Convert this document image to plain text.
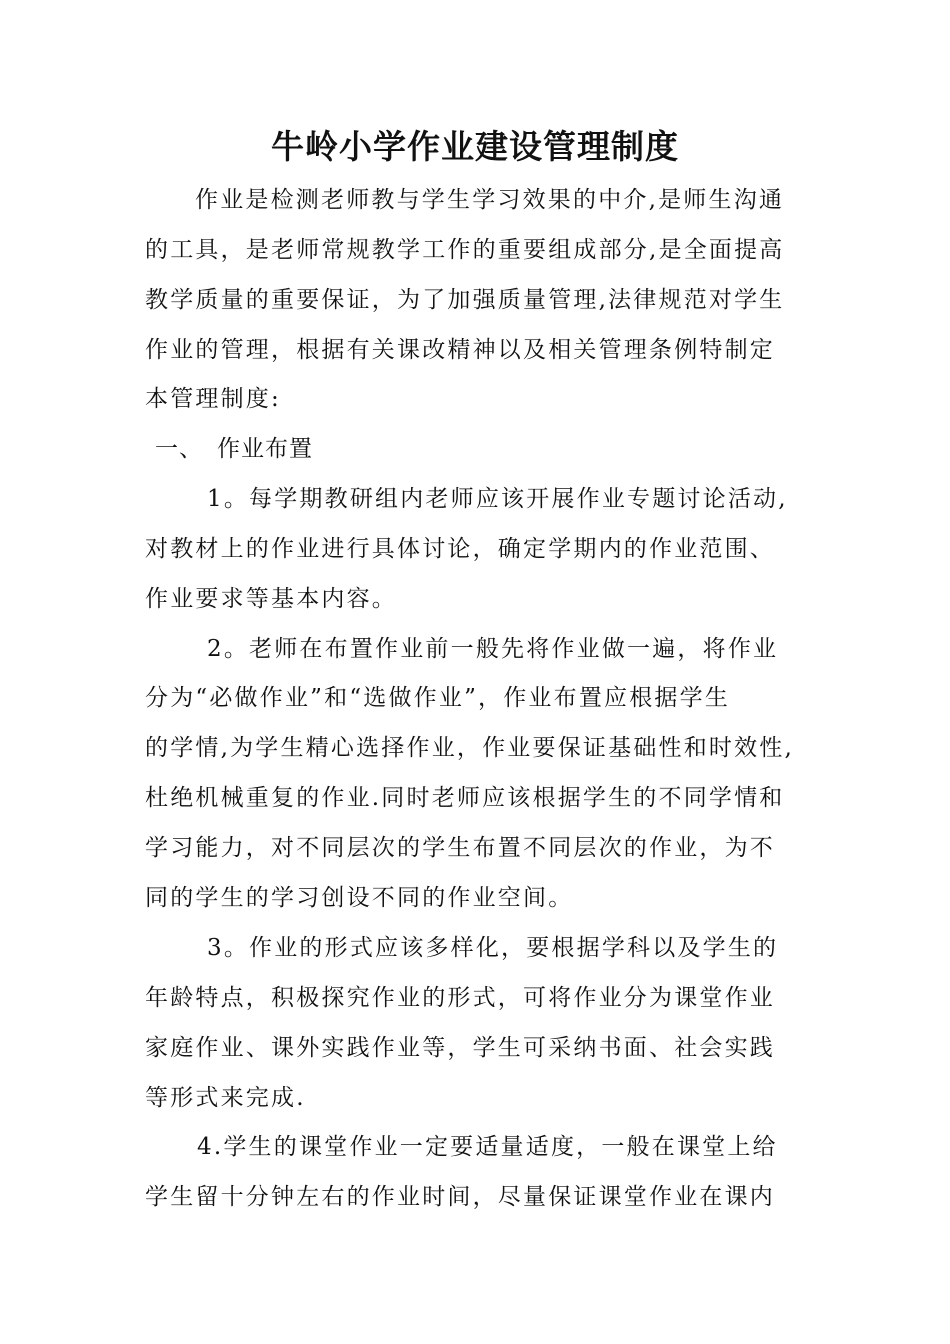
牛岭小学作业建设管理制度
作业是检测老师教与学生学习效果的中介,是师生沟通
的工具，是老师常规教学工作的重要组成部分,是全面提高
教学质量的重要保证，为了加强质量管理,法律规范对学生
作业的管理，根据有关课改精神以及相关管理条例特制定
本管理制度:
一、 作业布置
1。每学期教研组内老师应该开展作业专题讨论活动,
对教材上的作业进行具体讨论，确定学期内的作业范围、
作业要求等基本内容。
2。老师在布置作业前一般先将作业做一遍，将作业
分为“必做作业”和“选做作业”，作业布置应根据学生
的学情,为学生精心选择作业，作业要保证基础性和时效性,
杜绝机械重复的作业.同时老师应该根据学生的不同学情和
学习能力，对不同层次的学生布置不同层次的作业，为不
同的学生的学习创设不同的作业空间。
3。作业的形式应该多样化，要根据学科以及学生的
年龄特点，积极探究作业的形式，可将作业分为课堂作业
家庭作业、课外实践作业等，学生可采纳书面、社会实践
等形式来完成.
4.学生的课堂作业一定要适量适度，一般在课堂上给
学生留十分钟左右的作业时间，尽量保证课堂作业在课内
